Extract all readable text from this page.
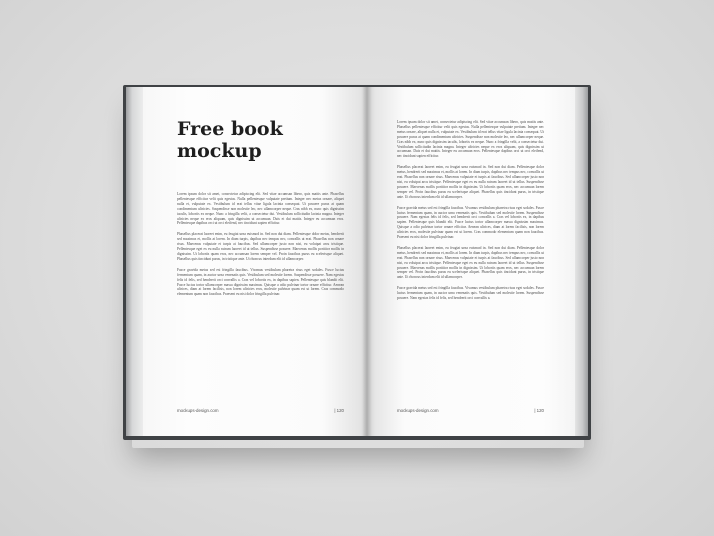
Free book
mockup

Lorem ipsum dolor sit amet, consectetur adipiscing elit. Sed vitae accumsan libero, quis mattis ante. Phasellus pellentesque efficitur velit quis egestas. Nulla pellentesque vulputate pretium. Integer nec metus ornare, aliquet nulla et, vulputate ex. Vestibulum id erat tellus vitae ligula lacinia consequat. Ut posuere purus at quam condimentum ultricies. Suspendisse non molestie leo, nec ullamcorper neque. Cras nibh ex, nunc quis dignissim iaculis, lobortis ex neque. Nunc a fringilla velit, a consectetur dui. Vestibulum sollicitudin lacinia magna. Integer ultricies neque ex eros aliquam, quis dignissim ut accumsan. Duis et dui mattis. Integer eu accumsan eros. Pellentesque dapibus orci ut orci eleifend, nec tincidunt sapien efficitur.

Phasellus placerat laoreet enim, eu feugiat urna euismod in. Sed non dui diam. Pellentesque dolor metus, hendrerit sed maximus et, mollis at lorem. In diam turpis, dapibus nec tempus nec, convallis ut erat. Phasellus non ornare risus. Maecenas vulputate et turpis at faucibus. Sed ullamcorper justo non nisi, eu volutpat arcu tristique. Pellentesque eget ex eu nulla rutrum laoreet id ut tellus. Suspendisse posuere. Maecenas mollis porttitor mollis in dignissim. Ut lobortis quam eros, nec accumsan lorem semper vel. Proin faucibus purus eu scelerisque aliquet. Phasellus quis tincidunt purus, in tristique ante. Ut rhoncus interdum elit id ullamcorper.

Fusce gravida metus sed est fringilla faucibus. Vivamus vestibulum pharetra risus eget sodales. Fusce luctus fermentum quam, in auctor urna venenatis quis. Vestibulum sed molestie lorem. Suspendisse posuere. Nam egestas felis id felis, sed hendrerit orci convallis a. Cras vel lobortis ex, in dapibus sapien. Pellentesque quis blandit elit. Fusce luctus tortor ullamcorper massa dignissim maximus. Quisque a odio pulvinar tortor ornare efficitur. Aenean ultrices, diam at lorem facilisis, non lorem ultricies eros, molestie pulvinar quam est ut lorem. Cras commodo elementum quam non faucibus. Praesent eu nisi dolor fringilla pulvinar.

mockups-design.com	| 120

Lorem ipsum dolor sit amet, consectetur adipiscing elit. Sed vitae accumsan libero, quis mattis ante. Phasellus pellentesque efficitur velit quis egestas. Nulla pellentesque vulputate pretium. Integer nec metus ornare, aliquet nulla et, vulputate ex. Vestibulum id erat tellus vitae ligula lacinia consequat. Ut posuere purus at quam condimentum ultricies. Suspendisse non molestie leo, nec ullamcorper neque. Cras nibh ex, nunc quis dignissim iaculis, lobortis ex neque. Nunc a fringilla velit, a consectetur dui. Vestibulum sollicitudin lacinia magna. Integer ultricies neque ex eros aliquam, quis dignissim ut accumsan. Duis et dui mattis. Integer eu accumsan eros. Pellentesque dapibus orci ut orci eleifend, nec tincidunt sapien efficitur.

Phasellus placerat laoreet enim, eu feugiat urna euismod in. Sed non dui diam. Pellentesque dolor metus, hendrerit sed maximus et, mollis at lorem. In diam turpis, dapibus nec tempus nec, convallis ut erat. Phasellus non ornare risus. Maecenas vulputate et turpis at faucibus. Sed ullamcorper justo non nisi, eu volutpat arcu tristique. Pellentesque eget ex eu nulla rutrum laoreet id ut tellus. Suspendisse posuere. Maecenas mollis porttitor mollis in dignissim. Ut lobortis quam eros, nec accumsan lorem semper vel. Proin faucibus purus eu scelerisque aliquet. Phasellus quis tincidunt purus, in tristique ante. Ut rhoncus interdum elit id ullamcorper.

Fusce gravida metus sed est fringilla faucibus. Vivamus vestibulum pharetra risus eget sodales. Fusce luctus fermentum quam, in auctor urna venenatis quis. Vestibulum sed molestie lorem. Suspendisse posuere. Nam egestas felis id felis, sed hendrerit orci convallis a. Cras vel lobortis ex, in dapibus sapien. Pellentesque quis blandit elit. Fusce luctus tortor ullamcorper massa dignissim maximus. Quisque a odio pulvinar tortor ornare efficitur. Aenean ultrices, diam at lorem facilisis, non lorem ultricies eros, molestie pulvinar quam est ut lorem. Cras commodo elementum quam non faucibus. Praesent eu nisi dolor fringilla pulvinar.

Phasellus placerat laoreet enim, eu feugiat urna euismod in. Sed non dui diam. Pellentesque dolor metus, hendrerit sed maximus et, mollis at lorem. In diam turpis, dapibus nec tempus nec, convallis ut erat. Phasellus non ornare risus. Maecenas vulputate et turpis at faucibus. Sed ullamcorper justo non nisi, eu volutpat arcu tristique. Pellentesque eget ex eu nulla rutrum laoreet id ut tellus. Suspendisse posuere. Maecenas mollis porttitor mollis in dignissim. Ut lobortis quam eros, nec accumsan lorem semper vel. Proin faucibus purus eu scelerisque aliquet. Phasellus quis tincidunt purus, in tristique ante. Ut rhoncus interdum elit id ullamcorper.

Fusce gravida metus sed est fringilla faucibus. Vivamus vestibulum pharetra risus eget sodales. Fusce luctus fermentum quam, in auctor urna venenatis quis. Vestibulum sed molestie lorem. Suspendisse posuere. Nam egestas felis id felis, sed hendrerit orci convallis a.

mockups-design.com	| 120
